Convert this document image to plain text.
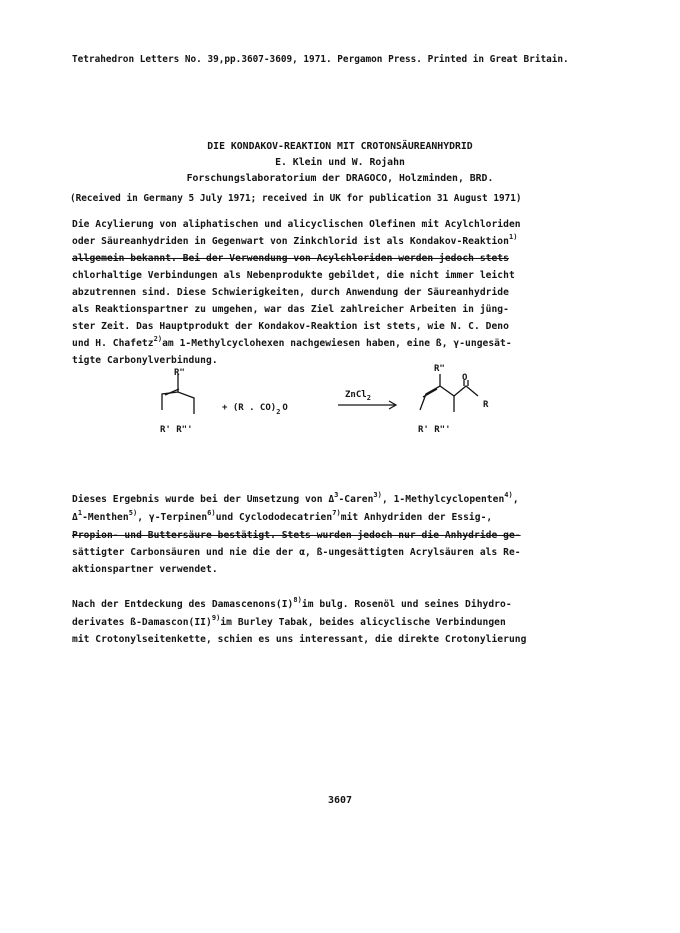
Tetrahedron Letters No. 39,pp.3607-3609, 1971. Pergamon Press. Printed in Great Britain.
DIE KONDAKOV-REAKTION MIT CROTONSÄUREANHYDRID
E. Klein und W. Rojahn
Forschungslaboratorium der DRAGOCO, Holzminden, BRD.
(Received in Germany 5 July 1971; received in UK for publication 31 August 1971)
Die Acylierung von aliphatischen und alicyclischen Olefinen mit Acylchloriden
oder Säureanhydriden in Gegenwart von Zinkchlorid ist als Kondakov-Reaktion$^{1)}$
allgemein bekannt. Bei der Verwendung von Acylchloriden werden jedoch stets
chlorhaltige Verbindungen als Nebenprodukte gebildet, die nicht immer leicht
abzutrennen sind. Diese Schwierigkeiten, durch Anwendung der Säureanhydride
als Reaktionspartner zu umgehen, war das Ziel zahlreicher Arbeiten in jüng-
ster Zeit. Das Hauptprodukt der Kondakov-Reaktion ist stets, wie N. C. Deno
und H. Chafetz$^{2)}$am 1-Methylcyclohexen nachgewiesen haben, eine ß, γ-ungesät-
tigte Carbonylverbindung.
R"
R' R"'
+ (R . $CO)_2$ O
ZnCl$_2$
R"
O
R
R' R"'
Dieses Ergebnis wurde bei der Umsetzung von $\Delta^3-Caren^{3)}$, 1-Methylcyclopenten$^{4)}$,
$\Delta^1-Menthen^{5)}$, γ-Terpinen$^{6)}$und Cyclododecatrien$^{7)}$mit Anhydriden der Essig-,
Propion- und Buttersäure bestätigt. Stets wurden jedoch nur die Anhydride ge-
sättigter Carbonsäuren und nie die der α, ß-ungesättigten Acrylsäuren als Re-
aktionspartner verwendet.
Nach der Entdeckung des $Damascenons(I)^{8)}im$ bulg. Rosenöl und seines Dihydro-
derivates ß-Damascon(II)$^{9)}$im Burley Tabak, beides alicyclische Verbindungen
mit Crotonylseitenkette, schien es uns interessant, die direkte Crotonylierung
3607
